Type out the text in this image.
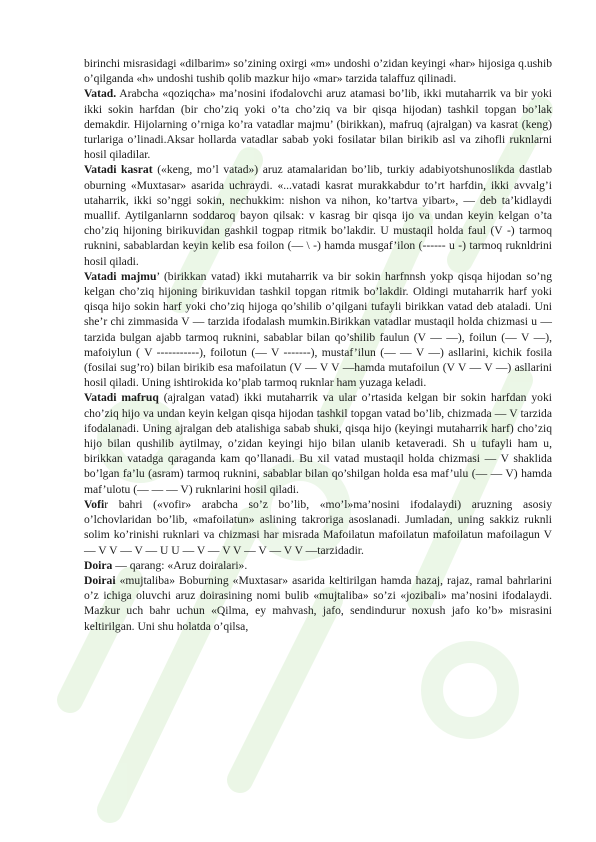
birinchi misrasidagi «dilbarim» so’zining oxirgi «m» undoshi o’zidan keyingi «har» hijosiga q.ushib o’qilganda «h» undoshi tushib qolib mazkur hijo «mar» tarzida talaffuz qilinadi.

Vatad. Arabcha «qoziqcha» ma’nosini ifodalovchi aruz atamasi bo’lib, ikki mutaharrik va bir yoki ikki sokin harfdan (bir cho’ziq yoki o’ta cho’ziq va bir qisqa hijodan) tashkil topgan bo’lak demakdir. Hijolarning o’rniga ko’ra vatadlar majmu’ (birikkan), mafruq (ajralgan) va kasrat (keng) turlariga o’linadi.Aksar hollarda vatadlar sabab yoki fosilatar bilan birikib asl va zihofli ruknlarni hosil qiladilar.

Vatadi kasrat («keng, mo’l vatad») aruz atamalaridan bo’lib, turkiy adabiyotshunoslikda dastlab oburning «Muxtasar» asarida uchraydi. «...vatadi kasrat murakkabdur to’rt harfdin, ikki avvalg’i utaharrik, ikki so’nggi sokin, nechukkim: nishon va nihon, ko’tartva yibart», — deb ta’kidlaydi muallif. Aytilganlarnn soddaroq bayon qilsak: v kasrag bir qisqa ijo va undan keyin kelgan o’ta cho’ziq hijoning birikuvidan gashkil togpap ritmik bo’lakdir. U mustaqil holda faul (V -) tarmoq ruknini, sabablardan keyin kelib esa foilon (— \ -) hamda musgaf’ilon (------ u -) tarmoq ruknldrini hosil qiladi.

Vatadi majmu’ (birikkan vatad) ikki mutaharrik va bir sokin harfnnsh yokp qisqa hijodan so’ng kelgan cho’ziq hijoning birikuvidan tashkil topgan ritmik bo’lakdir. Oldingi mutaharrik harf yoki qisqa hijo sokin harf yoki cho’ziq hijoga qo’shilib o’qilgani tufayli birikkan vatad deb ataladi. Uni she’r chi zimmasida V — tarzida ifodalash mumkin.Birikkan vatadlar mustaqil holda chizmasi u —tarzida bulgan ajabb tarmoq ruknini, sabablar bilan qo’shilib faulun (V — —), foilun (— V —), mafoiylun ( V -----------), foilotun (— V -------), mustaf’ilun (— — V —) asllarini, kichik fosila (fosilai sug’ro) bilan birikib esa mafoilatun (V — V V —hamda mutafoilun (V V — V —) asllarini hosil qiladi. Uning ishtirokida ko’plab tarmoq ruknlar ham yuzaga keladi.

Vatadi mafruq (ajralgan vatad) ikki mutaharrik va ular o’rtasida kelgan bir sokin harfdan yoki cho’ziq hijo va undan keyin kelgan qisqa hijodan tashkil topgan vatad bo’lib, chizmada — V tarzida ifodalanadi. Uning ajralgan deb atalishiga sabab shuki, qisqa hijo (keyingi mutaharrik harf) cho’ziq hijo bilan qushilib aytilmay, o’zidan keyingi hijo bilan ulanib ketaveradi. Sh u tufayli ham u, birikkan vatadga qaraganda kam qo’llanadi. Bu xil vatad mustaqil holda chizmasi — V shaklida bo’lgan fa’lu (asram) tarmoq ruknini, sabablar bilan qo’shilgan holda esa maf’ulu (— — V) hamda maf’ulotu (— — — V) ruknlarini hosil qiladi.

Vofir bahri («vofir» arabcha so’z bo’lib, «mo’l»ma’nosini ifodalaydi) aruzning asosiy o’lchovlaridan bo’lib, «mafoilatun» aslining takroriga asoslanadi. Jumladan, uning sakkiz ruknli solim ko’rinishi ruknlari va chizmasi har misrada Mafoilatun mafoilatun mafoilatun mafoilagun V — V V — V — U U — V — V V — V — V V —tarzidadir.

Doira — qarang: «Aruz doiralari».

Doirai «mujtaliba» Boburning «Muxtasar» asarida keltirilgan hamda hazaj, rajaz, ramal bahrlarini o’z ichiga oluvchi aruz doirasining nomi bulib «mujtaliba» so’zi «jozibali» ma’nosini ifodalaydi. Mazkur uch bahr uchun «Qilma, ey mahvash, jafo, sendindurur noxush jafo ko’b» misrasini keltirilgan. Uni shu holatda o’qilsa,
